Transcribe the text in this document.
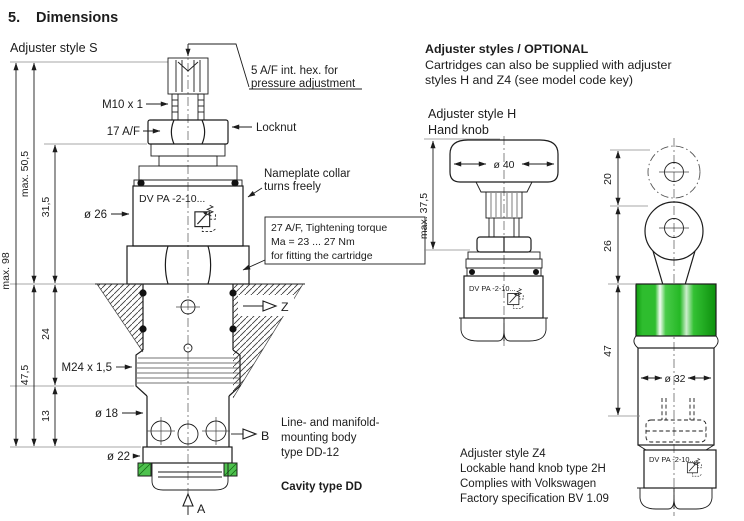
5. Dimensions
Adjuster style S
DV PA -2-10...
Z
B
A
max. 98
max. 50,5
47,5
31,5
24
13
5 A/F int. hex. for
pressure adjustment
M10 x 1
17 A/F	Locknut
Nameplate collar
turns freely
ø 26
27 A/F, Tightening torque
Ma = 23 ... 27 Nm
for fitting the cartridge
M24 x 1,5
ø 18
ø 22
Line- and manifold-
mounting body
type DD-12
Cavity type DD
Adjuster styles / OPTIONAL
Cartridges can also be supplied with adjuster
styles H and Z4 (see model code key)
Adjuster style H
Hand knob
ø 40
DV PA -2-10...
max. 37,5
ø 32
DV PA -2-10...
20
26
47
Adjuster style Z4
Lockable hand knob type 2H
Complies with Volkswagen
Factory specification BV 1.09
